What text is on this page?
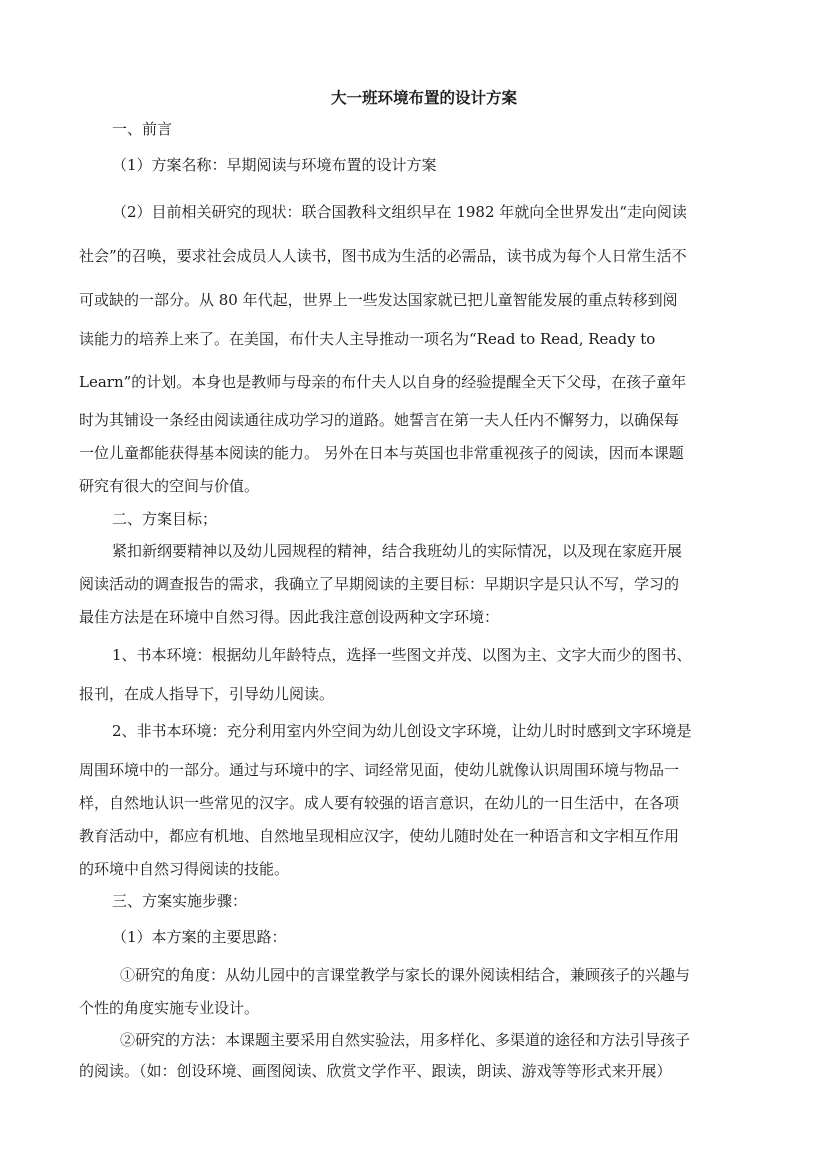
大一班环境布置的设计方案
一、前言
（1）方案名称：早期阅读与环境布置的设计方案
（2）目前相关研究的现状：联合国教科文组织早在 1982 年就向全世界发出“走向阅读
社会”的召唤，要求社会成员人人读书，图书成为生活的必需品，读书成为每个人日常生活不
可或缺的一部分。从 80 年代起，世界上一些发达国家就已把儿童智能发展的重点转移到阅
读能力的培养上来了。在美国，布什夫人主导推动一项名为“Read to Read, Ready to
Learn”的计划。本身也是教师与母亲的布什夫人以自身的经验提醒全天下父母，在孩子童年
时为其铺设一条经由阅读通往成功学习的道路。她誓言在第一夫人任内不懈努力，以确保每
一位儿童都能获得基本阅读的能力。 另外在日本与英国也非常重视孩子的阅读，因而本课题
研究有很大的空间与价值。
二、方案目标；
紧扣新纲要精神以及幼儿园规程的精神，结合我班幼儿的实际情况，以及现在家庭开展
阅读活动的调查报告的需求，我确立了早期阅读的主要目标：早期识字是只认不写，学习的
最佳方法是在环境中自然习得。因此我注意创设两种文字环境：
1、书本环境：根据幼儿年龄特点，选择一些图文并茂、以图为主、文字大而少的图书、
报刊，在成人指导下，引导幼儿阅读。
2、非书本环境：充分利用室内外空间为幼儿创设文字环境，让幼儿时时感到文字环境是
周围环境中的一部分。通过与环境中的字、词经常见面，使幼儿就像认识周围环境与物品一
样，自然地认识一些常见的汉字。成人要有较强的语言意识，在幼儿的一日生活中，在各项
教育活动中，都应有机地、自然地呈现相应汉字，使幼儿随时处在一种语言和文字相互作用
的环境中自然习得阅读的技能。
三、方案实施步骤：
（1）本方案的主要思路：
①研究的角度：从幼儿园中的言课堂教学与家长的课外阅读相结合，兼顾孩子的兴趣与
个性的角度实施专业设计。
②研究的方法：本课题主要采用自然实验法，用多样化、多渠道的途径和方法引导孩子
的阅读。（如：创设环境、画图阅读、欣赏文学作平、跟读，朗读、游戏等等形式来开展）
